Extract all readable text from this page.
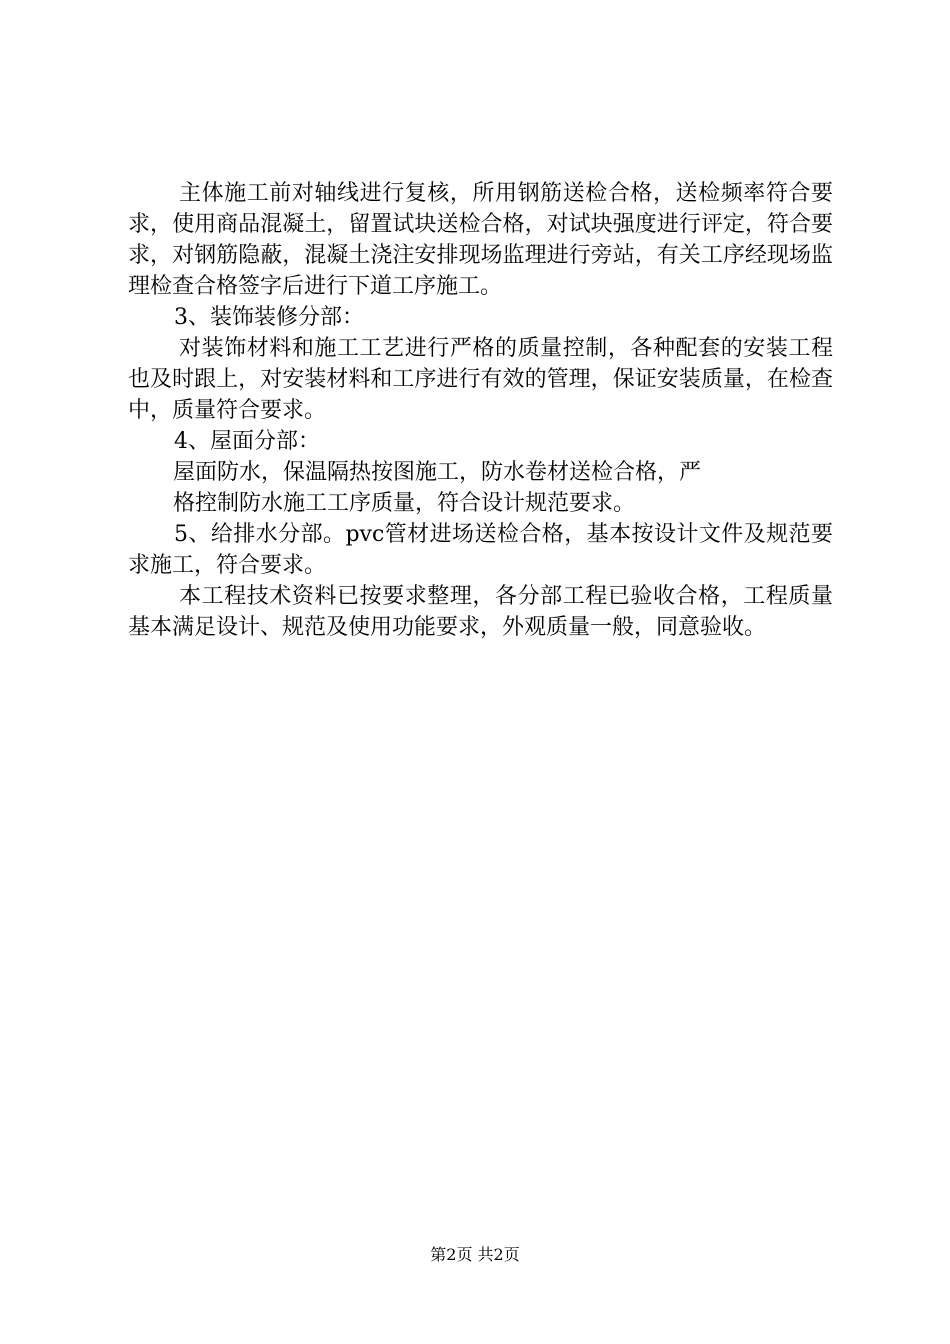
主体施工前对轴线进行复核，所用钢筋送检合格，送检频率符合要求，使用商品混凝土，留置试块送检合格，对试块强度进行评定，符合要求，对钢筋隐蔽，混凝土浇注安排现场监理进行旁站，有关工序经现场监理检查合格签字后进行下道工序施工。

3、装饰装修分部：

对装饰材料和施工工艺进行严格的质量控制，各种配套的安装工程也及时跟上，对安装材料和工序进行有效的管理，保证安装质量，在检查中，质量符合要求。

4、屋面分部：

屋面防水，保温隔热按图施工，防水卷材送检合格，严

格控制防水施工工序质量，符合设计规范要求。

5、给排水分部。pvc管材进场送检合格，基本按设计文件及规范要求施工，符合要求。

本工程技术资料已按要求整理，各分部工程已验收合格，工程质量基本满足设计、规范及使用功能要求，外观质量一般，同意验收。

第2页 共2页
